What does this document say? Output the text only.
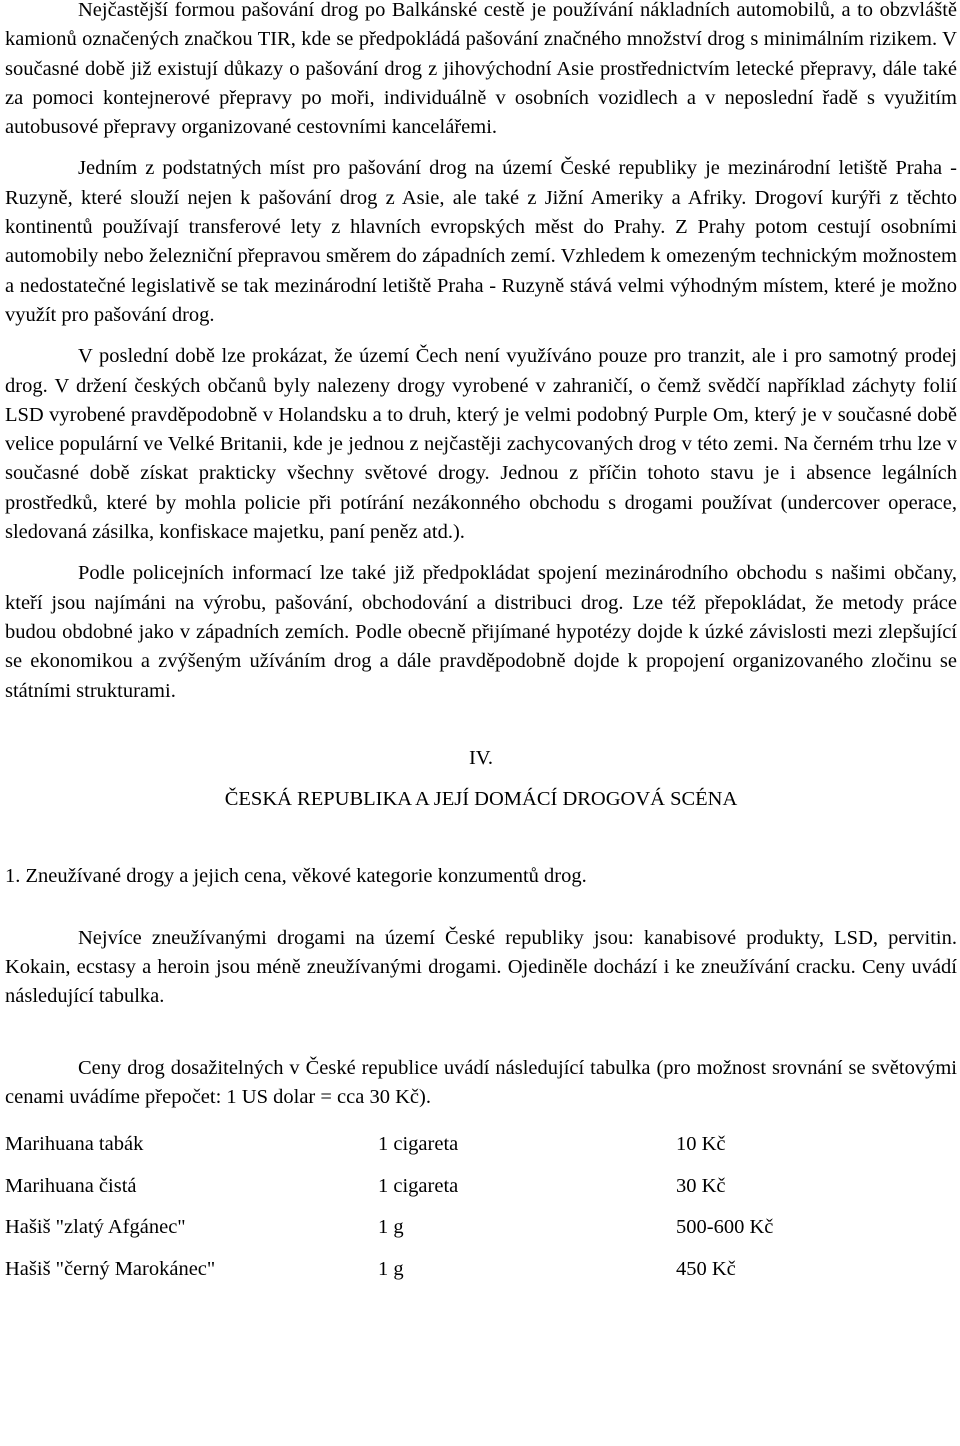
Nejčastější formou pašování drog po Balkánské cestě je používání nákladních automobilů, a to obzvláště kamionů označených značkou TIR, kde se předpokládá pašování značného množství drog s minimálním rizikem. V současné době již existují důkazy o pašování drog z jihovýchodní Asie prostřednictvím letecké přepravy, dále také za pomoci kontejnerové přepravy po moři, individuálně v osobních vozidlech a v neposlední řadě s využitím autobusové přepravy organizované cestovními kancelářemi.

Jedním z podstatných míst pro pašování drog na území České republiky je mezinárodní letiště Praha - Ruzyně, které slouží nejen k pašování drog z Asie, ale také z Jižní Ameriky a Afriky. Drogoví kurýři z těchto kontinentů používají transferové lety z hlavních evropských měst do Prahy. Z Prahy potom cestují osobními automobily nebo železniční přepravou směrem do západních zemí. Vzhledem k omezeným technickým možnostem a nedostatečné legislativě se tak mezinárodní letiště Praha - Ruzyně stává velmi výhodným místem, které je možno využít pro pašování drog.

V poslední době lze prokázat, že území Čech není využíváno pouze pro tranzit, ale i pro samotný prodej drog. V držení českých občanů byly nalezeny drogy vyrobené v zahraničí, o čemž svědčí například záchyty folií LSD vyrobené pravděpodobně v Holandsku a to druh, který je velmi podobný Purple Om, který je v současné době velice populární ve Velké Britanii, kde je jednou z nejčastěji zachycovaných drog v této zemi. Na černém trhu lze v současné době získat prakticky všechny světové drogy. Jednou z příčin tohoto stavu je i absence legálních prostředků, které by mohla policie při potírání nezákonného obchodu s drogami používat (undercover operace, sledovaná zásilka, konfiskace majetku, paní peněz atd.).

Podle policejních informací lze také již předpokládat spojení mezinárodního obchodu s našimi občany, kteří jsou najímáni na výrobu, pašování, obchodování a distribuci drog. Lze též přepokládat, že metody práce budou obdobné jako v západních zemích. Podle obecně přijímané hypotézy dojde k úzké závislosti mezi zlepšující se ekonomikou a zvýšeným užíváním drog a dále pravděpodobně dojde k propojení organizovaného zločinu se státními strukturami.

IV.
ČESKÁ REPUBLIKA A JEJÍ DOMÁCÍ DROGOVÁ SCÉNA
1. Zneužívané drogy a jejich cena, věkové kategorie konzumentů drog.

Nejvíce zneužívanými drogami na území České republiky jsou: kanabisové produkty, LSD, pervitin. Kokain, ecstasy a heroin jsou méně zneužívanými drogami. Ojediněle dochází i ke zneužívání cracku. Ceny uvádí následující tabulka.

Ceny drog dosažitelných v České republice uvádí následující tabulka (pro možnost srovnání se světovými cenami uvádíme přepočet: 1 US dolar = cca 30 Kč).

Marihuana tabák	1 cigareta	10 Kč
Marihuana čistá	1 cigareta	30 Kč
Hašiš "zlatý Afgánec"	1 g	500-600 Kč
Hašiš "černý Marokánec"	1 g	450 Kč
